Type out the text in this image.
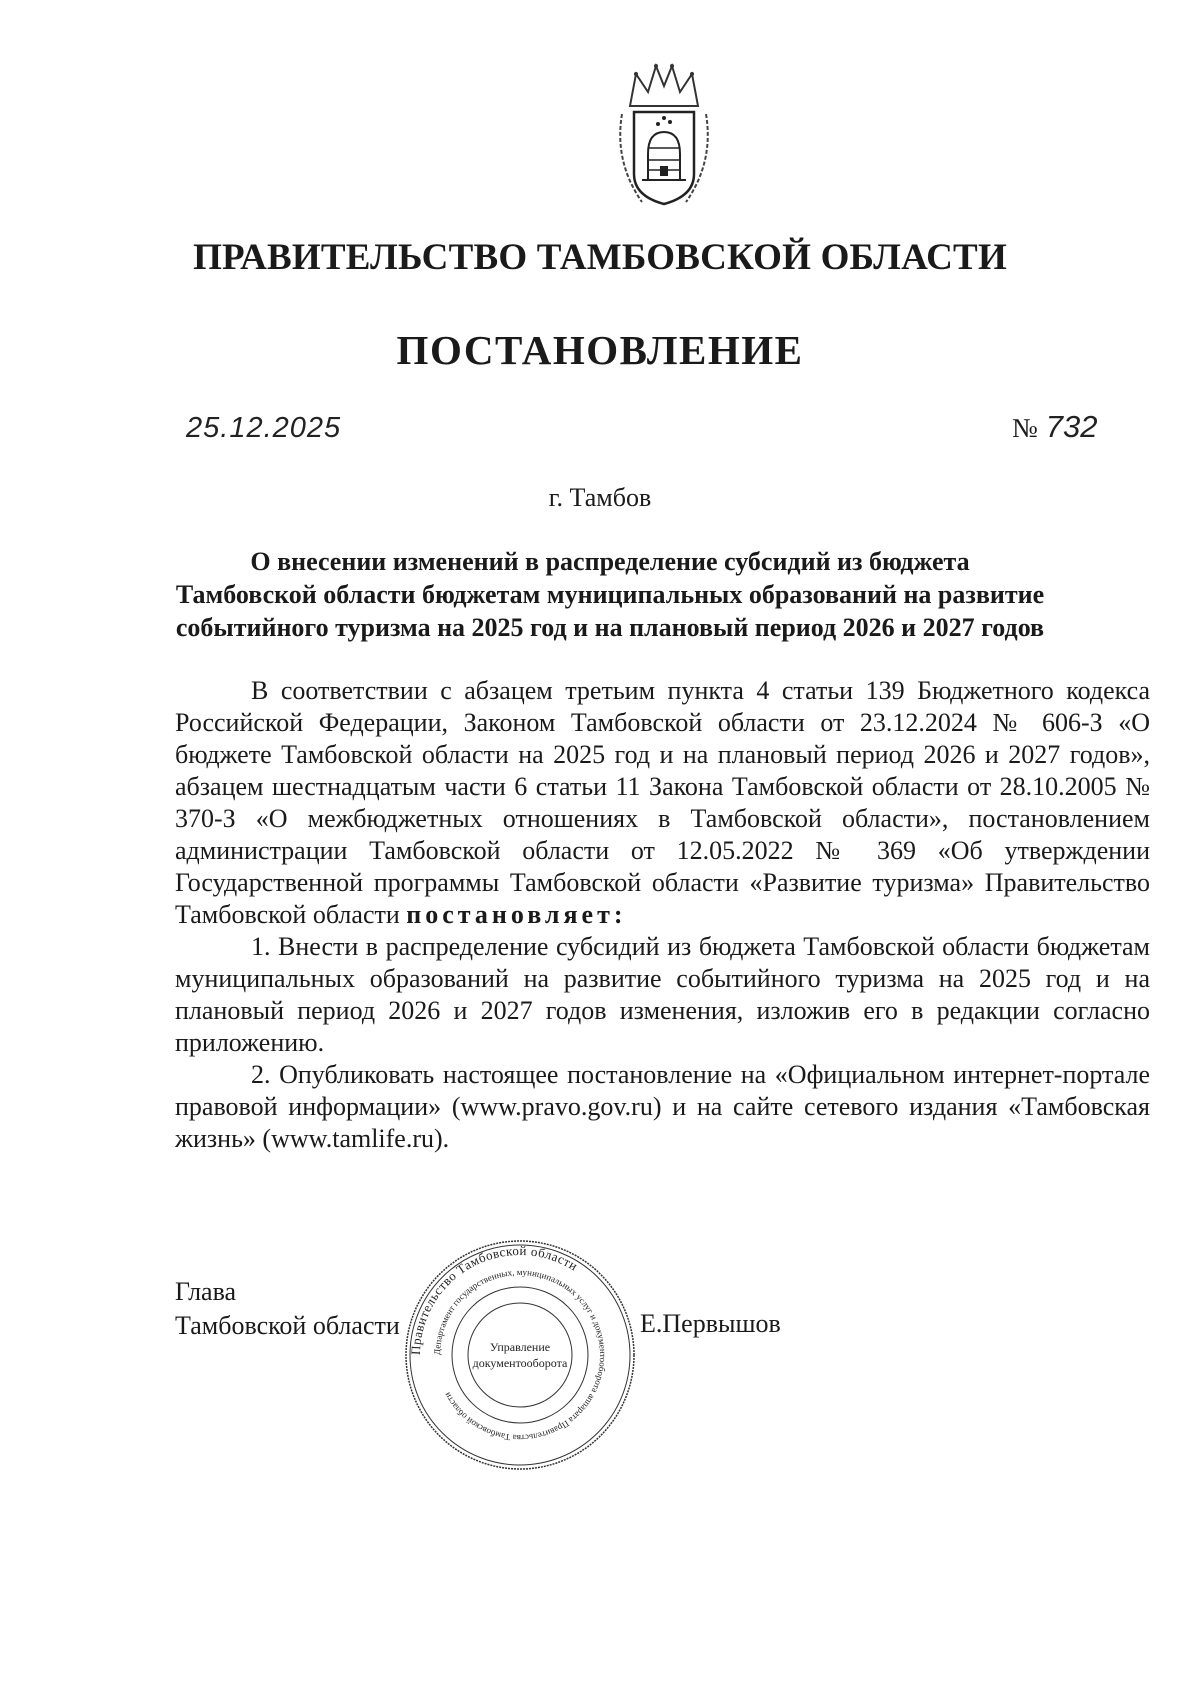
ПРАВИТЕЛЬСТВО ТАМБОВСКОЙ ОБЛАСТИ
ПОСТАНОВЛЕНИЕ
25.12.2025	№ 732
г. Тамбов
О внесении изменений в распределение субсидий из бюджета
Тамбовской области бюджетам муниципальных образований на развитие
событийного туризма на 2025 год и на плановый период 2026 и 2027 годов

В соответствии с абзацем третьим пункта 4 статьи 139 Бюджетного кодекса Российской Федерации, Законом Тамбовской области от 23.12.2024 № 606-З «О бюджете Тамбовской области на 2025 год и на плановый период 2026 и 2027 годов», абзацем шестнадцатым части 6 статьи 11 Закона Тамбовской области от 28.10.2005 № 370-З «О межбюджетных отношениях в Тамбовской области», постановлением администрации Тамбовской области от 12.05.2022 № 369 «Об утверждении Государственной программы Тамбовской области «Развитие туризма» Правительство Тамбовской области постановляет:

1. Внести в распределение субсидий из бюджета Тамбовской области бюджетам муниципальных образований на развитие событийного туризма на 2025 год и на плановый период 2026 и 2027 годов изменения, изложив его в редакции согласно приложению.

2. Опубликовать настоящее постановление на «Официальном интернет-портале правовой информации» (www.pravo.gov.ru) и на сайте сетевого издания «Тамбовская жизнь» (www.tamlife.ru).

Глава
Тамбовской области	Е.Первышов
Правительство Тамбовской области
Департамент государственных, муниципальных услуг и документооборота аппарата Правительства Тамбовской области
Управление
документооборота
